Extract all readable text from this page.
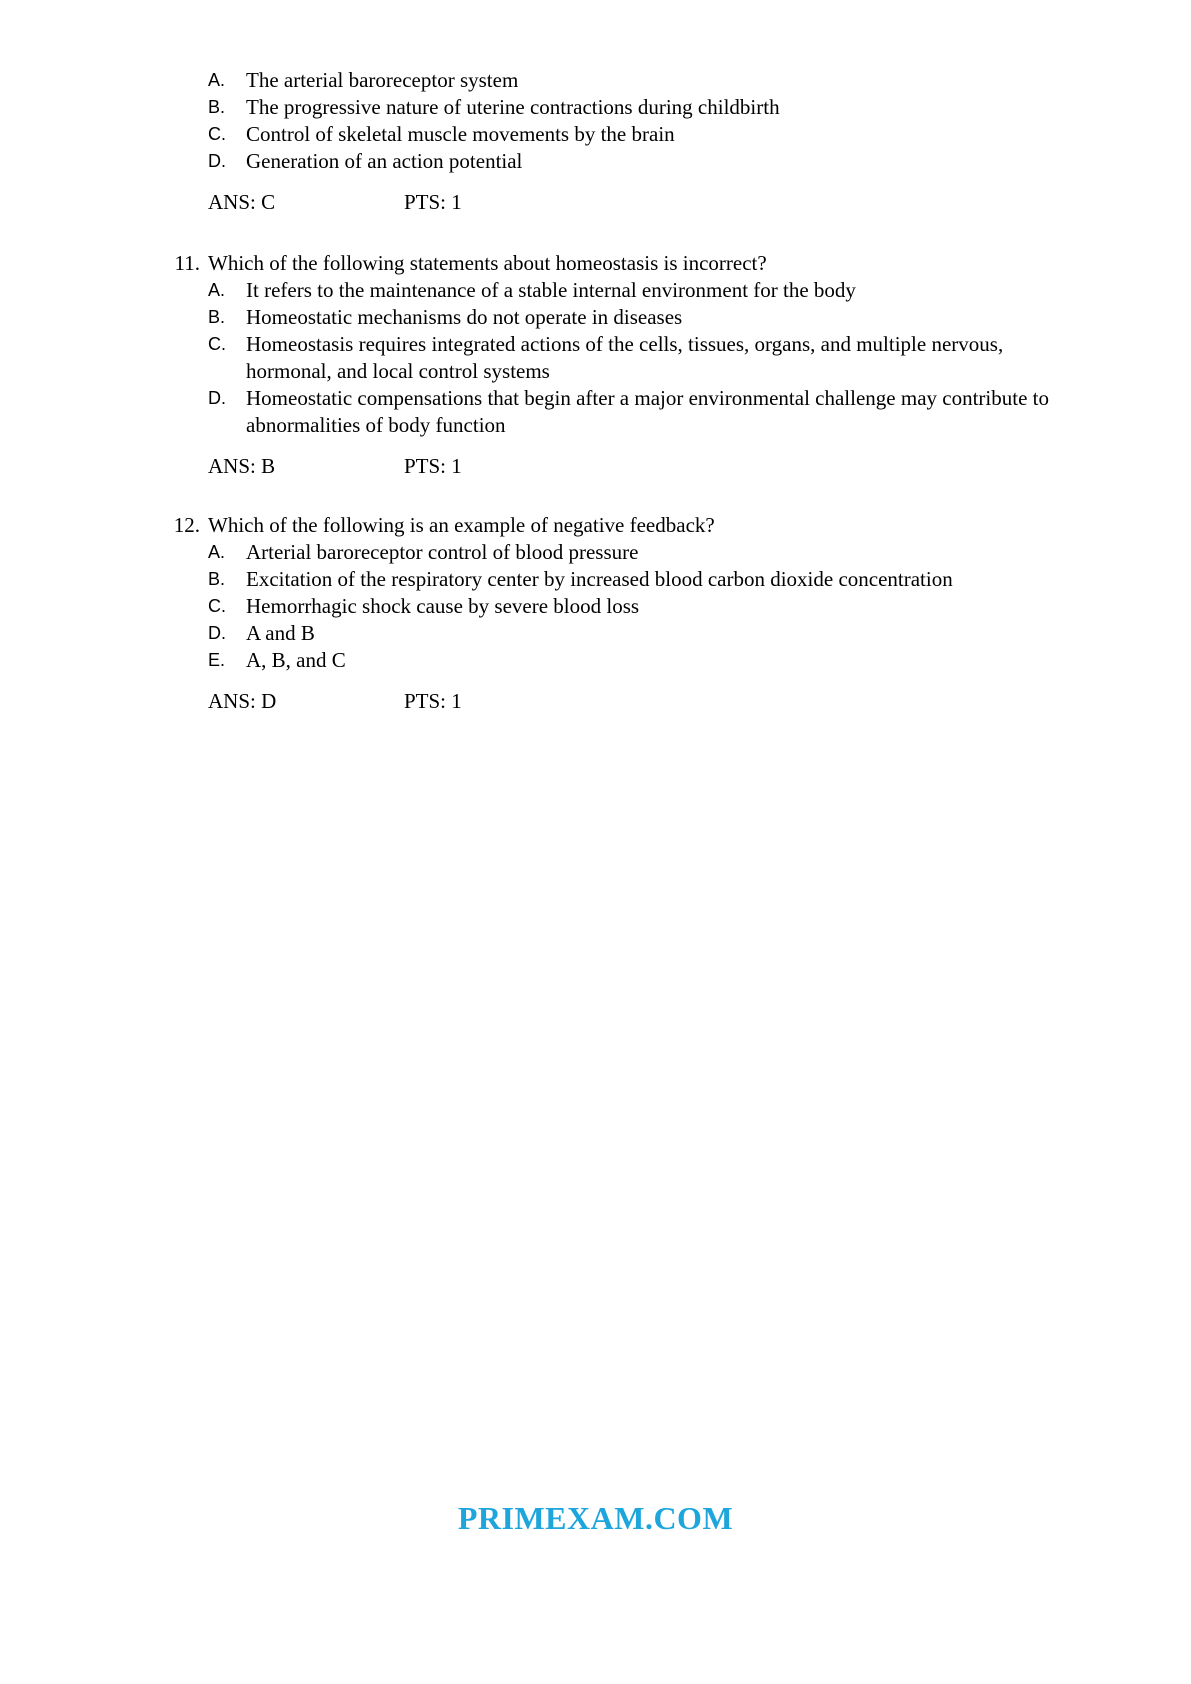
A. The arterial baroreceptor system
B. The progressive nature of uterine contractions during childbirth
C. Control of skeletal muscle movements by the brain
D. Generation of an action potential
ANS: C	PTS: 1
11. Which of the following statements about homeostasis is incorrect?
A. It refers to the maintenance of a stable internal environment for the body
B. Homeostatic mechanisms do not operate in diseases
C. Homeostasis requires integrated actions of the cells, tissues, organs, and multiple nervous, hormonal, and local control systems
D. Homeostatic compensations that begin after a major environmental challenge may contribute to abnormalities of body function
ANS: B	PTS: 1
12. Which of the following is an example of negative feedback?
A. Arterial baroreceptor control of blood pressure
B. Excitation of the respiratory center by increased blood carbon dioxide concentration
C. Hemorrhagic shock cause by severe blood loss
D. A and B
E. A, B, and C
ANS: D	PTS: 1
PRIMEXAM.COM
